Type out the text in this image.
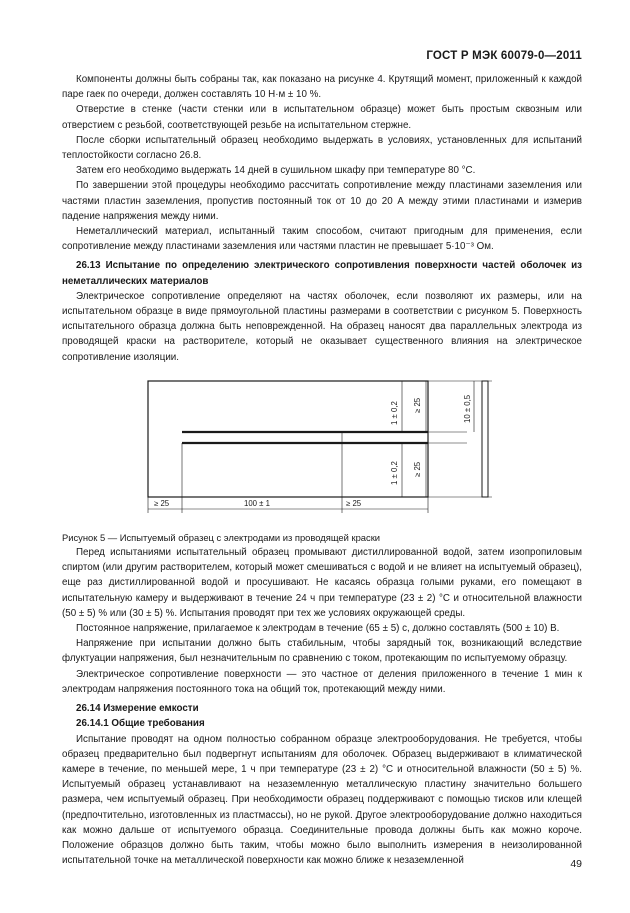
ГОСТ Р МЭК 60079-0—2011

Компоненты должны быть собраны так, как показано на рисунке 4. Крутящий момент, приложенный к каждой паре гаек по очереди, должен составлять 10 Н·м ± 10 %.

Отверстие в стенке (части стенки или в испытательном образце) может быть простым сквозным или отверстием с резьбой, соответствующей резьбе на испытательном стержне.

После сборки испытательный образец необходимо выдержать в условиях, установленных для испытаний теплостойкости согласно 26.8.

Затем его необходимо выдержать 14 дней в сушильном шкафу при температуре 80 °С.

По завершении этой процедуры необходимо рассчитать сопротивление между пластинами заземления или частями пластин заземления, пропустив постоянный ток от 10 до 20 А между этими пластинами и измерив падение напряжения между ними.

Неметаллический материал, испытанный таким способом, считают пригодным для применения, если сопротивление между пластинами заземления или частями пластин не превышает 5·10⁻³ Ом.

26.13 Испытание по определению электрического сопротивления поверхности частей оболочек из неметаллических материалов

Электрическое сопротивление определяют на частях оболочек, если позволяют их размеры, или на испытательном образце в виде прямоугольной пластины размерами в соответствии с рисунком 5. Поверхность испытательного образца должна быть неповрежденной. На образец наносят два параллельных электрода из проводящей краски на растворителе, который не оказывает существенного влияния на электрическое сопротивление изоляции.

≥ 25	100 ± 1	≥ 25
1 ± 0,2 ≥ 25	10 ± 0,5
1 ± 0,2 ≥ 25

Рисунок 5 — Испытуемый образец с электродами из проводящей краски

Перед испытаниями испытательный образец промывают дистиллированной водой, затем изопропиловым спиртом (или другим растворителем, который может смешиваться с водой и не влияет на испытуемый образец), еще раз дистиллированной водой и просушивают. Не касаясь образца голыми руками, его помещают в испытательную камеру и выдерживают в течение 24 ч при температуре (23 ± 2) °С и относительной влажности (50 ± 5) % или (30 ± 5) %. Испытания проводят при тех же условиях окружающей среды.

Постоянное напряжение, прилагаемое к электродам в течение (65 ± 5) с, должно составлять (500 ± 10) В.

Напряжение при испытании должно быть стабильным, чтобы зарядный ток, возникающий вследствие флуктуации напряжения, был незначительным по сравнению с током, протекающим по испытуемому образцу.

Электрическое сопротивление поверхности — это частное от деления приложенного в течение 1 мин к электродам напряжения постоянного тока на общий ток, протекающий между ними.

26.14 Измерение емкости

26.14.1 Общие требования

Испытание проводят на одном полностью собранном образце электрооборудования. Не требуется, чтобы образец предварительно был подвергнут испытаниям для оболочек. Образец выдерживают в климатической камере в течение, по меньшей мере, 1 ч при температуре (23 ± 2) °С и относительной влажности (50 ± 5) %. Испытуемый образец устанавливают на незаземленную металлическую пластину значительно большего размера, чем испытуемый образец. При необходимости образец поддерживают с помощью тисков или клещей (предпочтительно, изготовленных из пластмассы), но не рукой. Другое электрооборудование должно находиться как можно дальше от испытуемого образца. Соединительные провода должны быть как можно короче. Положение образцов должно быть таким, чтобы можно было выполнить измерения в неизолированной испытательной точке на металлической поверхности как можно ближе к незаземленной	49
